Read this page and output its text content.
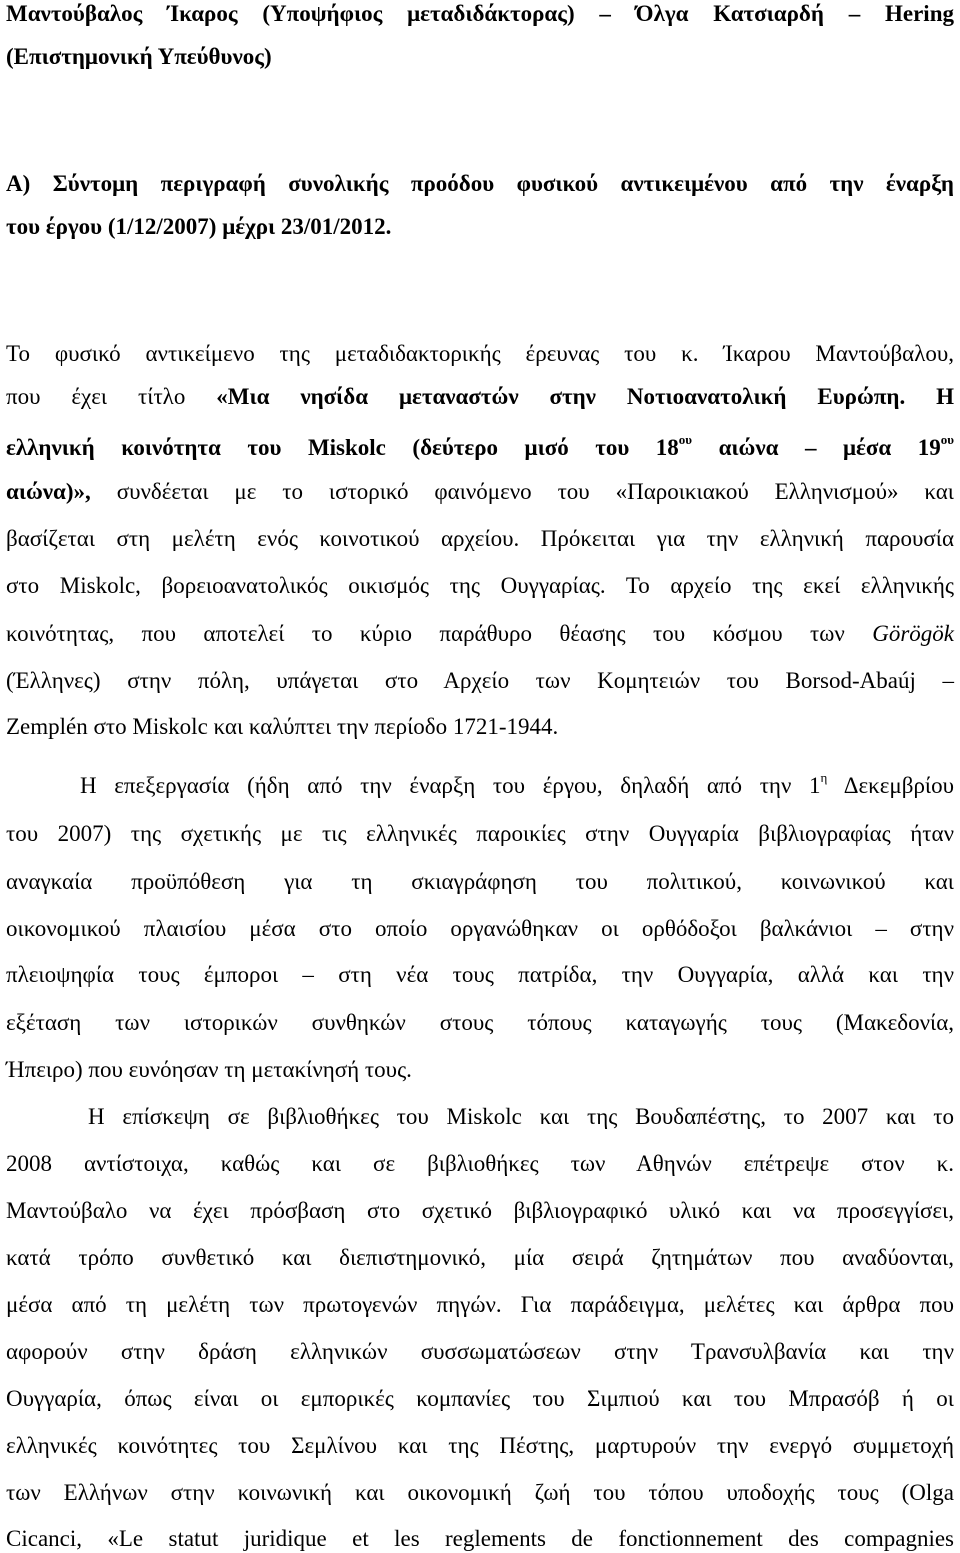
Μαντούβαλος Ίκαρος (Υποψήφιος μεταδιδάκτορας) – Όλγα Κατσιαρδή – Hering
(Επιστημονική Υπεύθυνος)
Α) Σύντομη περιγραφή συνολικής προόδου φυσικού αντικειμένου από την έναρξη
του έργου (1/12/2007) μέχρι 23/01/2012.
Το φυσικό αντικείμενο της μεταδιδακτορικής έρευνας του κ. Ίκαρου Μαντούβαλου,
που έχει τίτλο «Μια νησίδα μεταναστών στην Νοτιοανατολική Ευρώπη. Η
ελληνική κοινότητα του Miskolc (δεύτερο μισό του $18^{o\upsilon}$ αιώνα – μέσα $19^{o\upsilon}$
αιώνα)», συνδέεται με το ιστορικό φαινόμενο του «Παροικιακού Ελληνισμού» και
βασίζεται στη μελέτη ενός κοινοτικού αρχείου. Πρόκειται για την ελληνική παρουσία
στο Miskolc, βορειοανατολικός οικισμός της Ουγγαρίας. Το αρχείο της εκεί ελληνικής
κοινότητας, που αποτελεί το κύριο παράθυρο θέασης του κόσμου των Görögök
(Έλληνες) στην πόλη, υπάγεται στο Αρχείο των Κομητειών του Borsod-Abaúj –
Zemplén στο Miskolc και καλύπτει την περίοδο 1721-1944.
Η επεξεργασία (ήδη από την έναρξη του έργου, δηλαδή από την $1^\eta$ Δεκεμβρίου
του 2007) της σχετικής με τις ελληνικές παροικίες στην Ουγγαρία βιβλιογραφίας ήταν
αναγκαία προϋπόθεση για τη σκιαγράφηση του πολιτικού, κοινωνικού και
οικονομικού πλαισίου μέσα στο οποίο οργανώθηκαν οι ορθόδοξοι βαλκάνιοι – στην
πλειοψηφία τους έμποροι – στη νέα τους πατρίδα, την Ουγγαρία, αλλά και την
εξέταση των ιστορικών συνθηκών στους τόπους καταγωγής τους (Μακεδονία,
Ήπειρο) που ευνόησαν τη μετακίνησή τους.
Η επίσκεψη σε βιβλιοθήκες του Miskolc και της Βουδαπέστης, το 2007 και το
2008 αντίστοιχα, καθώς και σε βιβλιοθήκες των Αθηνών επέτρεψε στον κ.
Μαντούβαλο να έχει πρόσβαση στο σχετικό βιβλιογραφικό υλικό και να προσεγγίσει,
κατά τρόπο συνθετικό και διεπιστημονικό, μία σειρά ζητημάτων που αναδύονται,
μέσα από τη μελέτη των πρωτογενών πηγών. Για παράδειγμα, μελέτες και άρθρα που
αφορούν στην δράση ελληνικών συσσωματώσεων στην Τρανσυλβανία και την
Ουγγαρία, όπως είναι οι εμπορικές κομπανίες του Σιμπιού και του Μπρασόβ ή οι
ελληνικές κοινότητες του Σεμλίνου και της Πέστης, μαρτυρούν την ενεργό συμμετοχή
των Ελλήνων στην κοινωνική και οικονομική ζωή του τόπου υποδοχής τους (Olga
Cicanci, «Le statut juridique et les reglements de fonctionnement des compagnies
